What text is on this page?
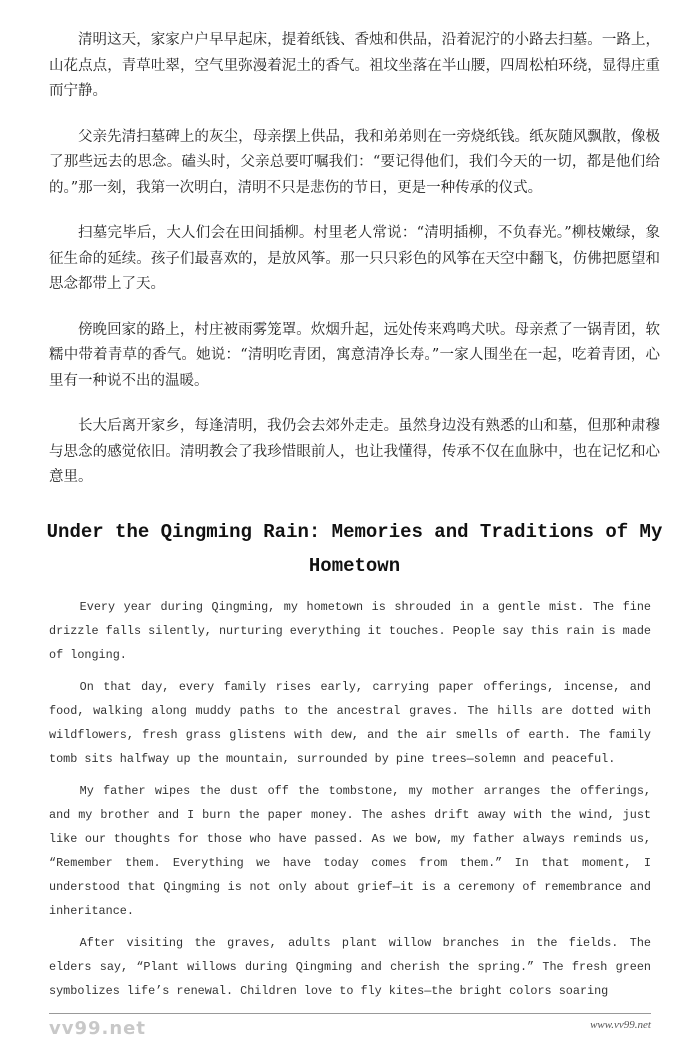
清明这天，家家户户早早起床，提着纸钱、香烛和供品，沿着泥泞的小路去扫墓。一路上，山花点点，青草吐翠，空气里弥漫着泥土的香气。祖坟坐落在半山腰，四周松柏环绕，显得庄重而宁静。

父亲先清扫墓碑上的灰尘，母亲摆上供品，我和弟弟则在一旁烧纸钱。纸灰随风飘散，像极了那些远去的思念。磕头时，父亲总要叮嘱我们：“要记得他们，我们今天的一切，都是他们给的。”那一刻，我第一次明白，清明不只是悲伤的节日，更是一种传承的仪式。

扫墓完毕后，大人们会在田间插柳。村里老人常说：“清明插柳，不负春光。”柳枝嫩绿，象征生命的延续。孩子们最喜欢的，是放风筝。那一只只彩色的风筝在天空中翻飞，仿佛把愿望和思念都带上了天。

傍晚回家的路上，村庄被雨雾笼罩。炊烟升起，远处传来鸡鸣犬吠。母亲煮了一锅青团，软糯中带着青草的香气。她说：“清明吃青团，寓意清净长寿。”一家人围坐在一起，吃着青团，心里有一种说不出的温暖。

长大后离开家乡，每逢清明，我仍会去郊外走走。虽然身边没有熟悉的山和墓，但那种肃穆与思念的感觉依旧。清明教会了我珍惜眼前人，也让我懂得，传承不仅在血脉中，也在记忆和心意里。

Under the Qingming Rain: Memories and Traditions of My Hometown

Every year during Qingming, my hometown is shrouded in a gentle mist. The fine drizzle falls silently, nurturing everything it touches. People say this rain is made of longing.

On that day, every family rises early, carrying paper offerings, incense, and food, walking along muddy paths to the ancestral graves. The hills are dotted with wildflowers, fresh grass glistens with dew, and the air smells of earth. The family tomb sits halfway up the mountain, surrounded by pine trees—solemn and peaceful.

My father wipes the dust off the tombstone, my mother arranges the offerings, and my brother and I burn the paper money. The ashes drift away with the wind, just like our thoughts for those who have passed. As we bow, my father always reminds us, “Remember them. Everything we have today comes from them.” In that moment, I understood that Qingming is not only about grief—it is a ceremony of remembrance and inheritance.

After visiting the graves, adults plant willow branches in the fields. The elders say, “Plant willows during Qingming and cherish the spring.” The fresh green symbolizes life’s renewal. Children love to fly kites—the bright colors soaring

vv99.net	www.vv99.net
